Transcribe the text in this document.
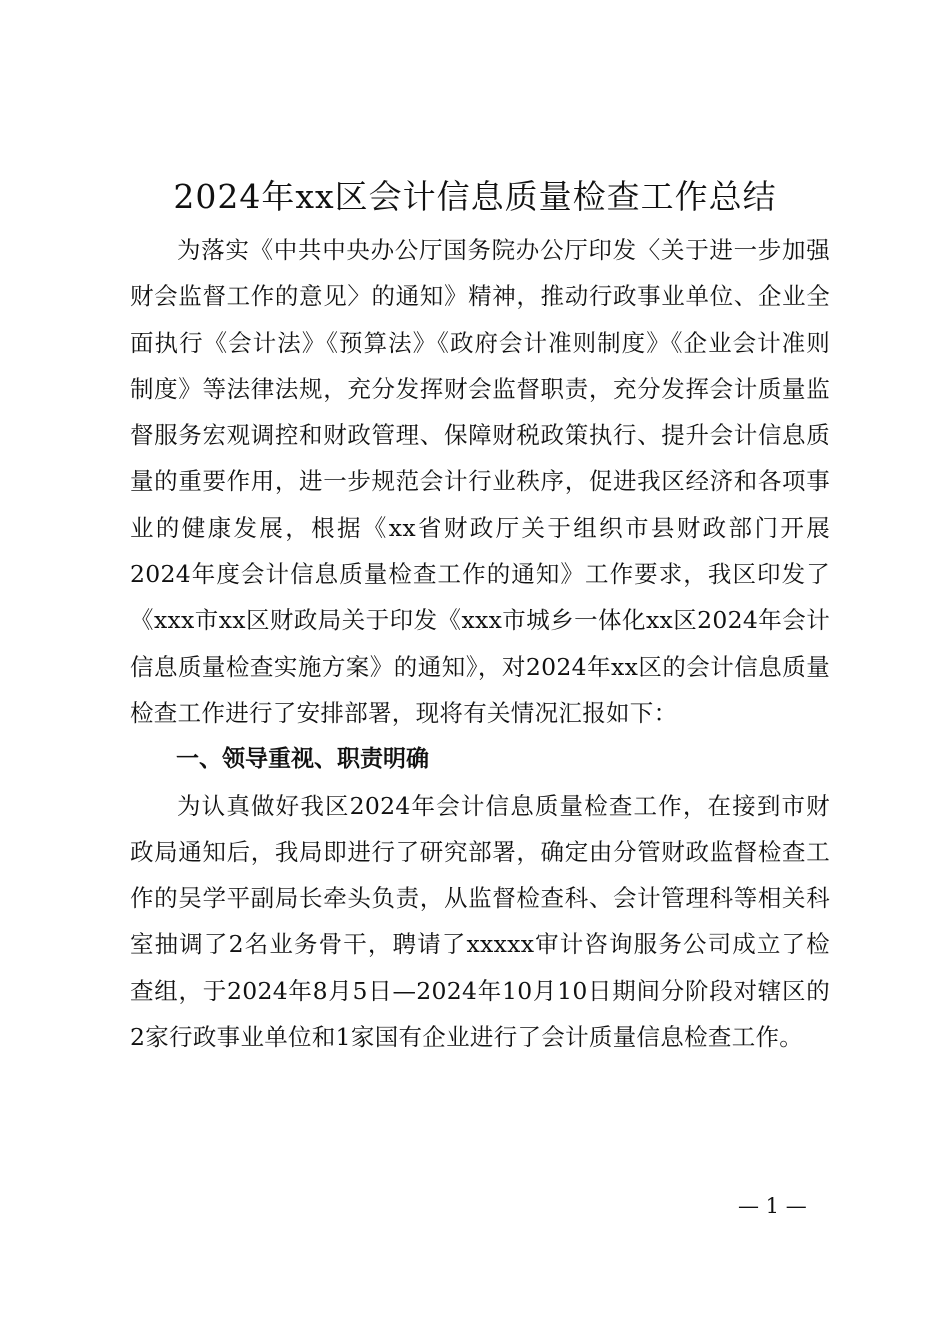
2024年xx区会计信息质量检查工作总结

为落实《中共中央办公厅国务院办公厅印发〈关于进一步加强财会监督工作的意见〉的通知》精神，推动行政事业单位、企业全面执行《会计法》《预算法》《政府会计准则制度》《企业会计准则制度》等法律法规，充分发挥财会监督职责，充分发挥会计质量监督服务宏观调控和财政管理、保障财税政策执行、提升会计信息质量的重要作用，进一步规范会计行业秩序，促进我区经济和各项事业的健康发展，根据《xx省财政厅关于组织市县财政部门开展2024年度会计信息质量检查工作的通知》工作要求，我区印发了《xxx市xx区财政局关于印发《xxx市城乡一体化xx区2024年会计信息质量检查实施方案》的通知》，对2024年xx区的会计信息质量检查工作进行了安排部署，现将有关情况汇报如下：

一、领导重视、职责明确

为认真做好我区2024年会计信息质量检查工作，在接到市财政局通知后，我局即进行了研究部署，确定由分管财政监督检查工作的吴学平副局长牵头负责，从监督检查科、会计管理科等相关科室抽调了2名业务骨干，聘请了xxxxx审计咨询服务公司成立了检查组，于2024年8月5日—2024年10月10日期间分阶段对辖区的2家行政事业单位和1家国有企业进行了会计质量信息检查工作。

— 1 —
